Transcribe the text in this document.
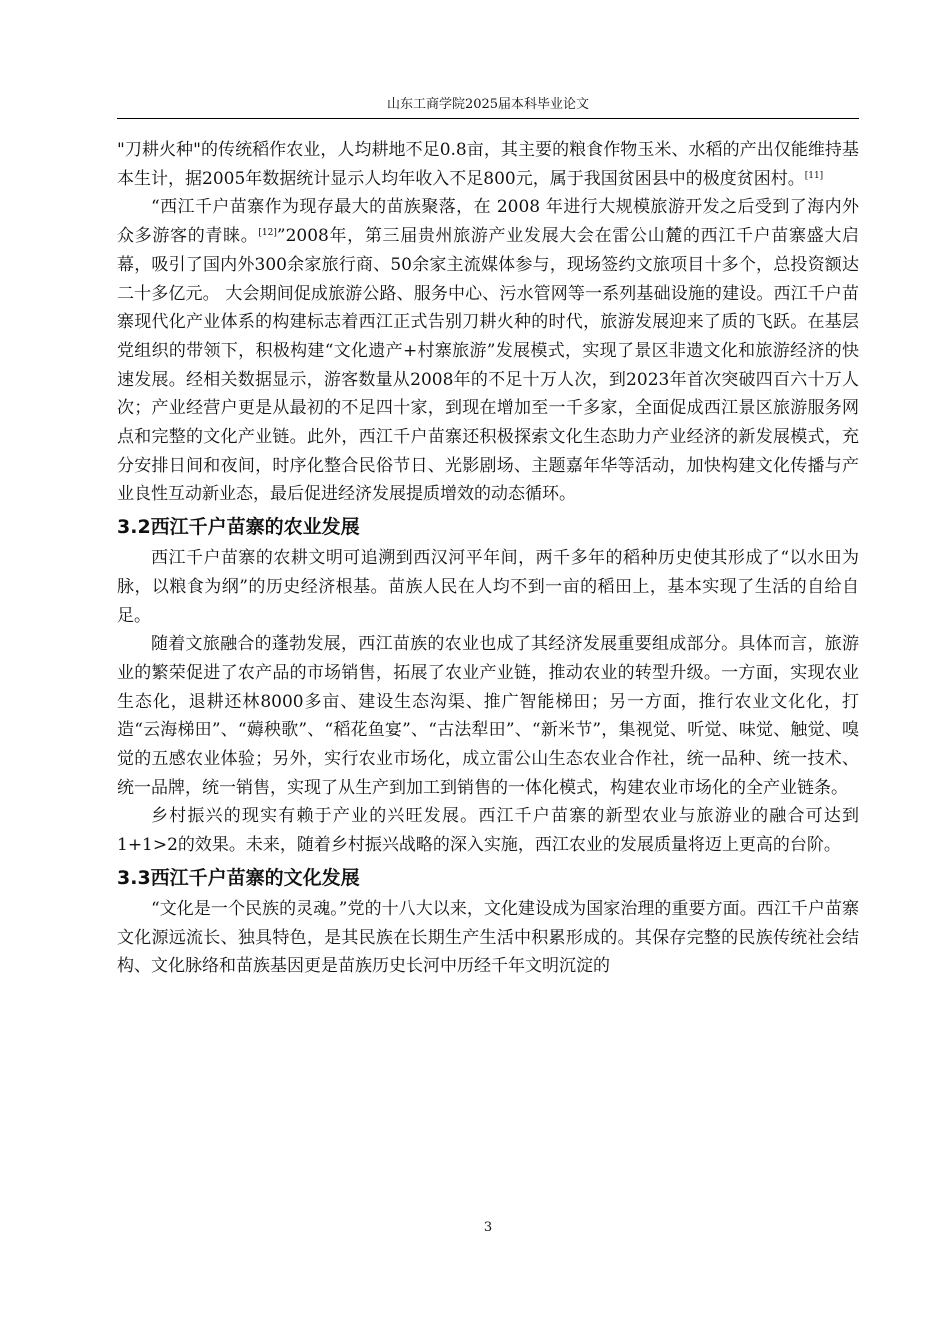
山东工商学院2025届本科毕业论文

"刀耕火种"的传统稻作农业，人均耕地不足0.8亩，其主要的粮食作物玉米、水稻的产出仅能维持基本生计，据2005年数据统计显示人均年收入不足800元，属于我国贫困县中的极度贫困村。[11]

“西江千户苗寨作为现存最大的苗族聚落，在 2008 年进行大规模旅游开发之后受到了海内外众多游客的青睐。[12]”2008年，第三届贵州旅游产业发展大会在雷公山麓的西江千户苗寨盛大启幕，吸引了国内外300余家旅行商、50余家主流媒体参与，现场签约文旅项目十多个，总投资额达二十多亿元。 大会期间促成旅游公路、服务中心、污水管网等一系列基础设施的建设。西江千户苗寨现代化产业体系的构建标志着西江正式告别刀耕火种的时代，旅游发展迎来了质的飞跃。在基层党组织的带领下，积极构建“文化遗产+村寨旅游”发展模式，实现了景区非遗文化和旅游经济的快速发展。经相关数据显示，游客数量从2008年的不足十万人次，到2023年首次突破四百六十万人次；产业经营户更是从最初的不足四十家，到现在增加至一千多家，全面促成西江景区旅游服务网点和完整的文化产业链。此外，西江千户苗寨还积极探索文化生态助力产业经济的新发展模式，充分安排日间和夜间，时序化整合民俗节日、光影剧场、主题嘉年华等活动，加快构建文化传播与产业良性互动新业态，最后促进经济发展提质增效的动态循环。

3.2西江千户苗寨的农业发展

西江千户苗寨的农耕文明可追溯到西汉河平年间，两千多年的稻种历史使其形成了“以水田为脉，以粮食为纲”的历史经济根基。苗族人民在人均不到一亩的稻田上，基本实现了生活的自给自足。

随着文旅融合的蓬勃发展，西江苗族的农业也成了其经济发展重要组成部分。具体而言，旅游业的繁荣促进了农产品的市场销售，拓展了农业产业链，推动农业的转型升级。一方面，实现农业生态化，退耕还林8000多亩、建设生态沟渠、推广智能梯田；另一方面，推行农业文化化，打造“云海梯田”、“薅秧歌”、“稻花鱼宴”、“古法犁田”、“新米节”，集视觉、听觉、味觉、触觉、嗅觉的五感农业体验；另外，实行农业市场化，成立雷公山生态农业合作社，统一品种、统一技术、统一品牌，统一销售，实现了从生产到加工到销售的一体化模式，构建农业市场化的全产业链条。

乡村振兴的现实有赖于产业的兴旺发展。西江千户苗寨的新型农业与旅游业的融合可达到1+1>2的效果。未来，随着乡村振兴战略的深入实施，西江农业的发展质量将迈上更高的台阶。

3.3西江千户苗寨的文化发展

“文化是一个民族的灵魂。”党的十八大以来，文化建设成为国家治理的重要方面。西江千户苗寨文化源远流长、独具特色，是其民族在长期生产生活中积累形成的。其保存完整的民族传统社会结构、文化脉络和苗族基因更是苗族历史长河中历经千年文明沉淀的

3
